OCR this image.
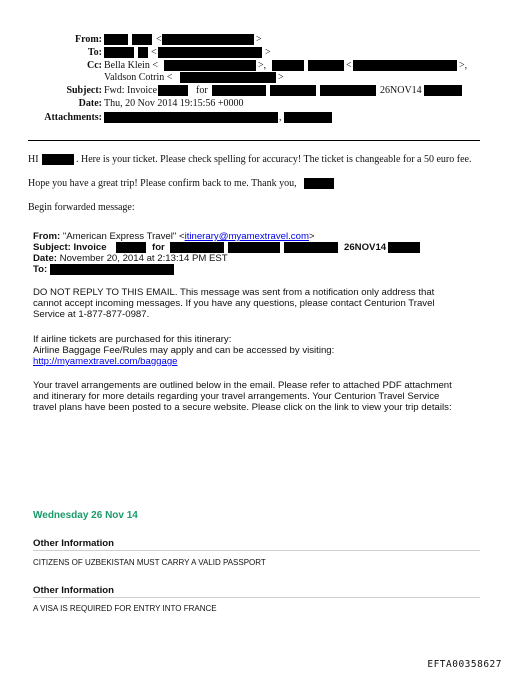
From:	<	>
To:	<	>
Cc: Bella Klein <	>,	<	>,
Valdson Cotrin <	>
Subject: Fwd: Invoice	for	26NOV14
Date: Thu, 20 Nov 2014 19:15:56 +0000
Attachments:	,
HI	. Here is your ticket. Please check spelling for accuracy! The ticket is changeable for a 50 euro fee.
Hope you have a great trip! Please confirm back to me. Thank you,
Begin forwarded message:
From: "American Express Travel" <itinerary@myamextravel.com>
Subject: Invoice	for	26NOV14
Date: November 20, 2014 at 2:13:14 PM EST
To:
DO NOT REPLY TO THIS EMAIL. This message was sent from a notification only address that
cannot accept incoming messages. If you have any questions, please contact Centurion Travel
Service at 1-877-877-0987.
If airline tickets are purchased for this itinerary:
Airline Baggage Fee/Rules may apply and can be accessed by visiting:
http://myamextravel.com/baggage
Your travel arrangements are outlined below in the email. Please refer to attached PDF attachment
and itinerary for more details regarding your travel arrangements. Your Centurion Travel Service
travel plans have been posted to a secure website. Please click on the link to view your trip details:
Wednesday 26 Nov 14
Other Information
CITIZENS OF UZBEKISTAN MUST CARRY A VALID PASSPORT
Other Information
A VISA IS REQUIRED FOR ENTRY INTO FRANCE
EFTA00358627
